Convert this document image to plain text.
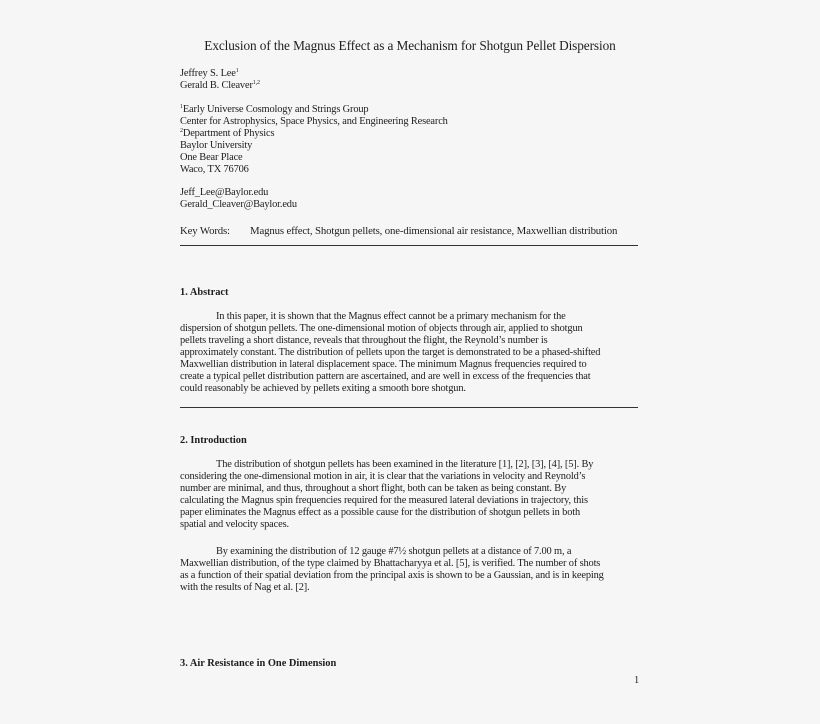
Exclusion of the Magnus Effect as a Mechanism for Shotgun Pellet Dispersion
Jeffrey S. Lee$^1$
Gerald B. Cleaver$^{1,2}$
$^1$Early Universe Cosmology and Strings Group
Center for Astrophysics, Space Physics, and Engineering Research
$^2$Department of Physics
Baylor University
One Bear Place
Waco, TX 76706
Jeff_Lee@Baylor.edu
Gerald_Cleaver@Baylor.edu
Key Words: Magnus effect, Shotgun pellets, one-dimensional air resistance, Maxwellian distribution
1. Abstract
In this paper, it is shown that the Magnus effect cannot be a primary mechanism for the
dispersion of shotgun pellets. The one-dimensional motion of objects through air, applied to shotgun
pellets traveling a short distance, reveals that throughout the flight, the Reynold’s number is
approximately constant. The distribution of pellets upon the target is demonstrated to be a phased-shifted
Maxwellian distribution in lateral displacement space. The minimum Magnus frequencies required to
create a typical pellet distribution pattern are ascertained, and are well in excess of the frequencies that
could reasonably be achieved by pellets exiting a smooth bore shotgun.
2. Introduction
The distribution of shotgun pellets has been examined in the literature [1], [2], [3], [4], [5]. By
considering the one-dimensional motion in air, it is clear that the variations in velocity and Reynold’s
number are minimal, and thus, throughout a short flight, both can be taken as being constant. By
calculating the Magnus spin frequencies required for the measured lateral deviations in trajectory, this
paper eliminates the Magnus effect as a possible cause for the distribution of shotgun pellets in both
spatial and velocity spaces.
By examining the distribution of 12 gauge #7½ shotgun pellets at a distance of 7.00 m, a
Maxwellian distribution, of the type claimed by Bhattacharyya et al. [5], is verified. The number of shots
as a function of their spatial deviation from the principal axis is shown to be a Gaussian, and is in keeping
with the results of Nag et al. [2].
3. Air Resistance in One Dimension
1
